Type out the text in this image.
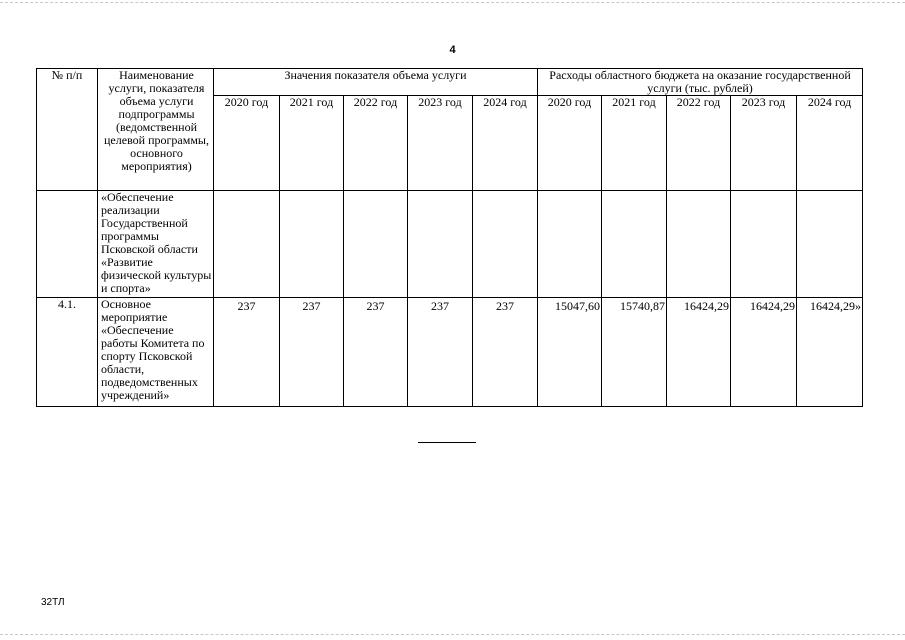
4
№ п/п	Наименование услуги, показателя объема услуги подпрограммы (ведомственной целевой программы, основного мероприятия)	Значения показателя объема услуги					Расходы областного бюджета на оказание государственной услуги (тыс. рублей)				
		2020 год	2021 год	2022 год	2023 год	2024 год	2020 год	2021 год	2022 год	2023 год	2024 год
	«Обеспечение реализации Государственной программы Псковской области «Развитие физической культуры и спорта»										
4.1.	Основное мероприятие «Обеспечение работы Комитета по спорту Псковской области, подведомственных учреждений»	237	237	237	237	237	15047,60	15740,87	16424,29	16424,29	16424,29»
32ТЛ
